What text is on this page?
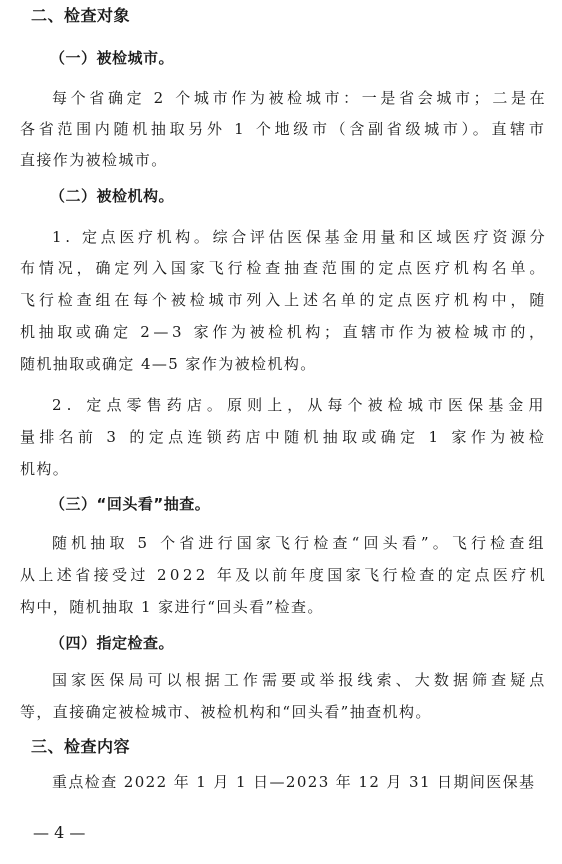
二、检查对象
（一）被检城市。
每个省确定 2 个城市作为被检城市：一是省会城市；二是在
各省范围内随机抽取另外 1 个地级市（含副省级城市）。直辖市
直接作为被检城市。
（二）被检机构。
1. 定点医疗机构。综合评估医保基金用量和区域医疗资源分
布情况，确定列入国家飞行检查抽查范围的定点医疗机构名单。
飞行检查组在每个被检城市列入上述名单的定点医疗机构中，随
机抽取或确定 2—3 家作为被检机构；直辖市作为被检城市的，
随机抽取或确定 4—5 家作为被检机构。
2. 定点零售药店。原则上，从每个被检城市医保基金用
量排名前 3 的定点连锁药店中随机抽取或确定 1 家作为被检
机构。
（三）“回头看”抽查。
随机抽取 5 个省进行国家飞行检查“回头看”。飞行检查组
从上述省接受过 2022 年及以前年度国家飞行检查的定点医疗机
构中，随机抽取 1 家进行“回头看”检查。
（四）指定检查。
国家医保局可以根据工作需要或举报线索、大数据筛查疑点
等，直接确定被检城市、被检机构和“回头看”抽查机构。
三、检查内容
重点检查 2022 年 1 月 1 日—2023 年 12 月 31 日期间医保基
— 4 —
